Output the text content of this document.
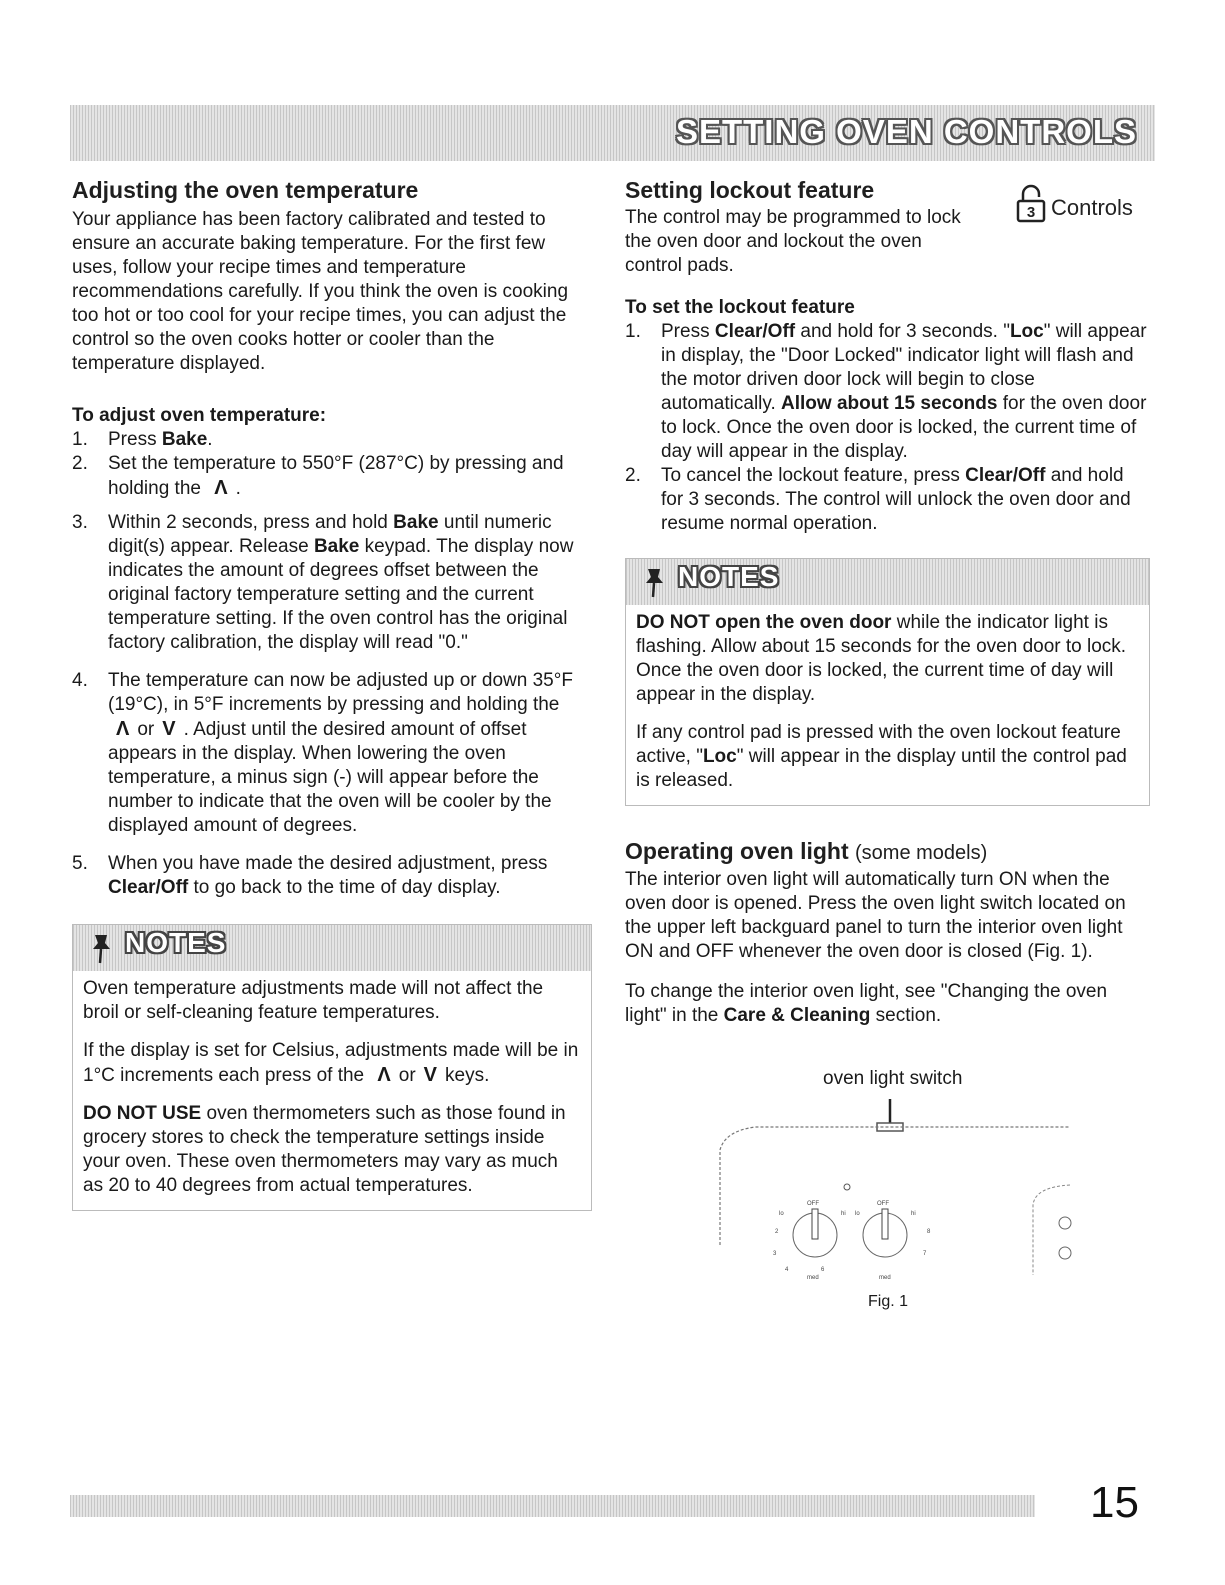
SETTING OVEN CONTROLS
Adjusting the oven temperature

Your appliance has been factory calibrated and tested to ensure an accurate baking temperature. For the first few uses, follow your recipe times and temperature recommendations carefully. If you think the oven is cooking too hot or too cool for your recipe times, you can adjust the control so the oven cooks hotter or cooler than the temperature displayed.

To adjust oven temperature:
1. Press Bake.
2. Set the temperature to 550°F (287°C) by pressing and holding the Λ .
3. Within 2 seconds, press and hold Bake until numeric digit(s) appear. Release Bake keypad. The display now indicates the amount of degrees offset between the original factory temperature setting and the current temperature setting. If the oven control has the original factory calibration, the display will read "0."
4. The temperature can now be adjusted up or down 35°F (19°C), in 5°F increments by pressing and holding the Λ or V . Adjust until the desired amount of offset appears in the display. When lowering the oven temperature, a minus sign (-) will appear before the number to indicate that the oven will be cooler by the displayed amount of degrees.
5. When you have made the desired adjustment, press Clear/Off to go back to the time of day display.
NOTES

Oven temperature adjustments made will not affect the broil or self-cleaning feature temperatures.

If the display is set for Celsius, adjustments made will be in 1°C increments each press of the Λ or V keys.

DO NOT USE oven thermometers such as those found in grocery stores to check the temperature settings inside your oven. These oven thermometers may vary as much as 20 to 40 degrees from actual temperatures.

3 Controls
Setting lockout feature

The control may be programmed to lock the oven door and lockout the oven control pads.

To set the lockout feature
1. Press Clear/Off and hold for 3 seconds. "Loc" will appear in display, the "Door Locked" indicator light will flash and the motor driven door lock will begin to close automatically. Allow about 15 seconds for the oven door to lock. Once the oven door is locked, the current time of day will appear in the display.
2. To cancel the lockout feature, press Clear/Off and hold for 3 seconds. The control will unlock the oven door and resume normal operation.
NOTES

DO NOT open the oven door while the indicator light is flashing. Allow about 15 seconds for the oven door to lock. Once the oven door is locked, the current time of day will appear in the display.

If any control pad is pressed with the oven lockout feature active, "Loc" will appear in the display until the control pad is released.

Operating oven light (some models)

The interior oven light will automatically turn ON when the oven door is opened. Press the oven light switch located on the upper left backguard panel to turn the interior oven light ON and OFF whenever the oven door is closed (Fig. 1).

To change the interior oven light, see "Changing the oven light" in the Care & Cleaning section.

oven light switch
OFF	OFF
lo	hi lo	hi
2	8
3	7
4	6
med	med
Fig. 1
15
